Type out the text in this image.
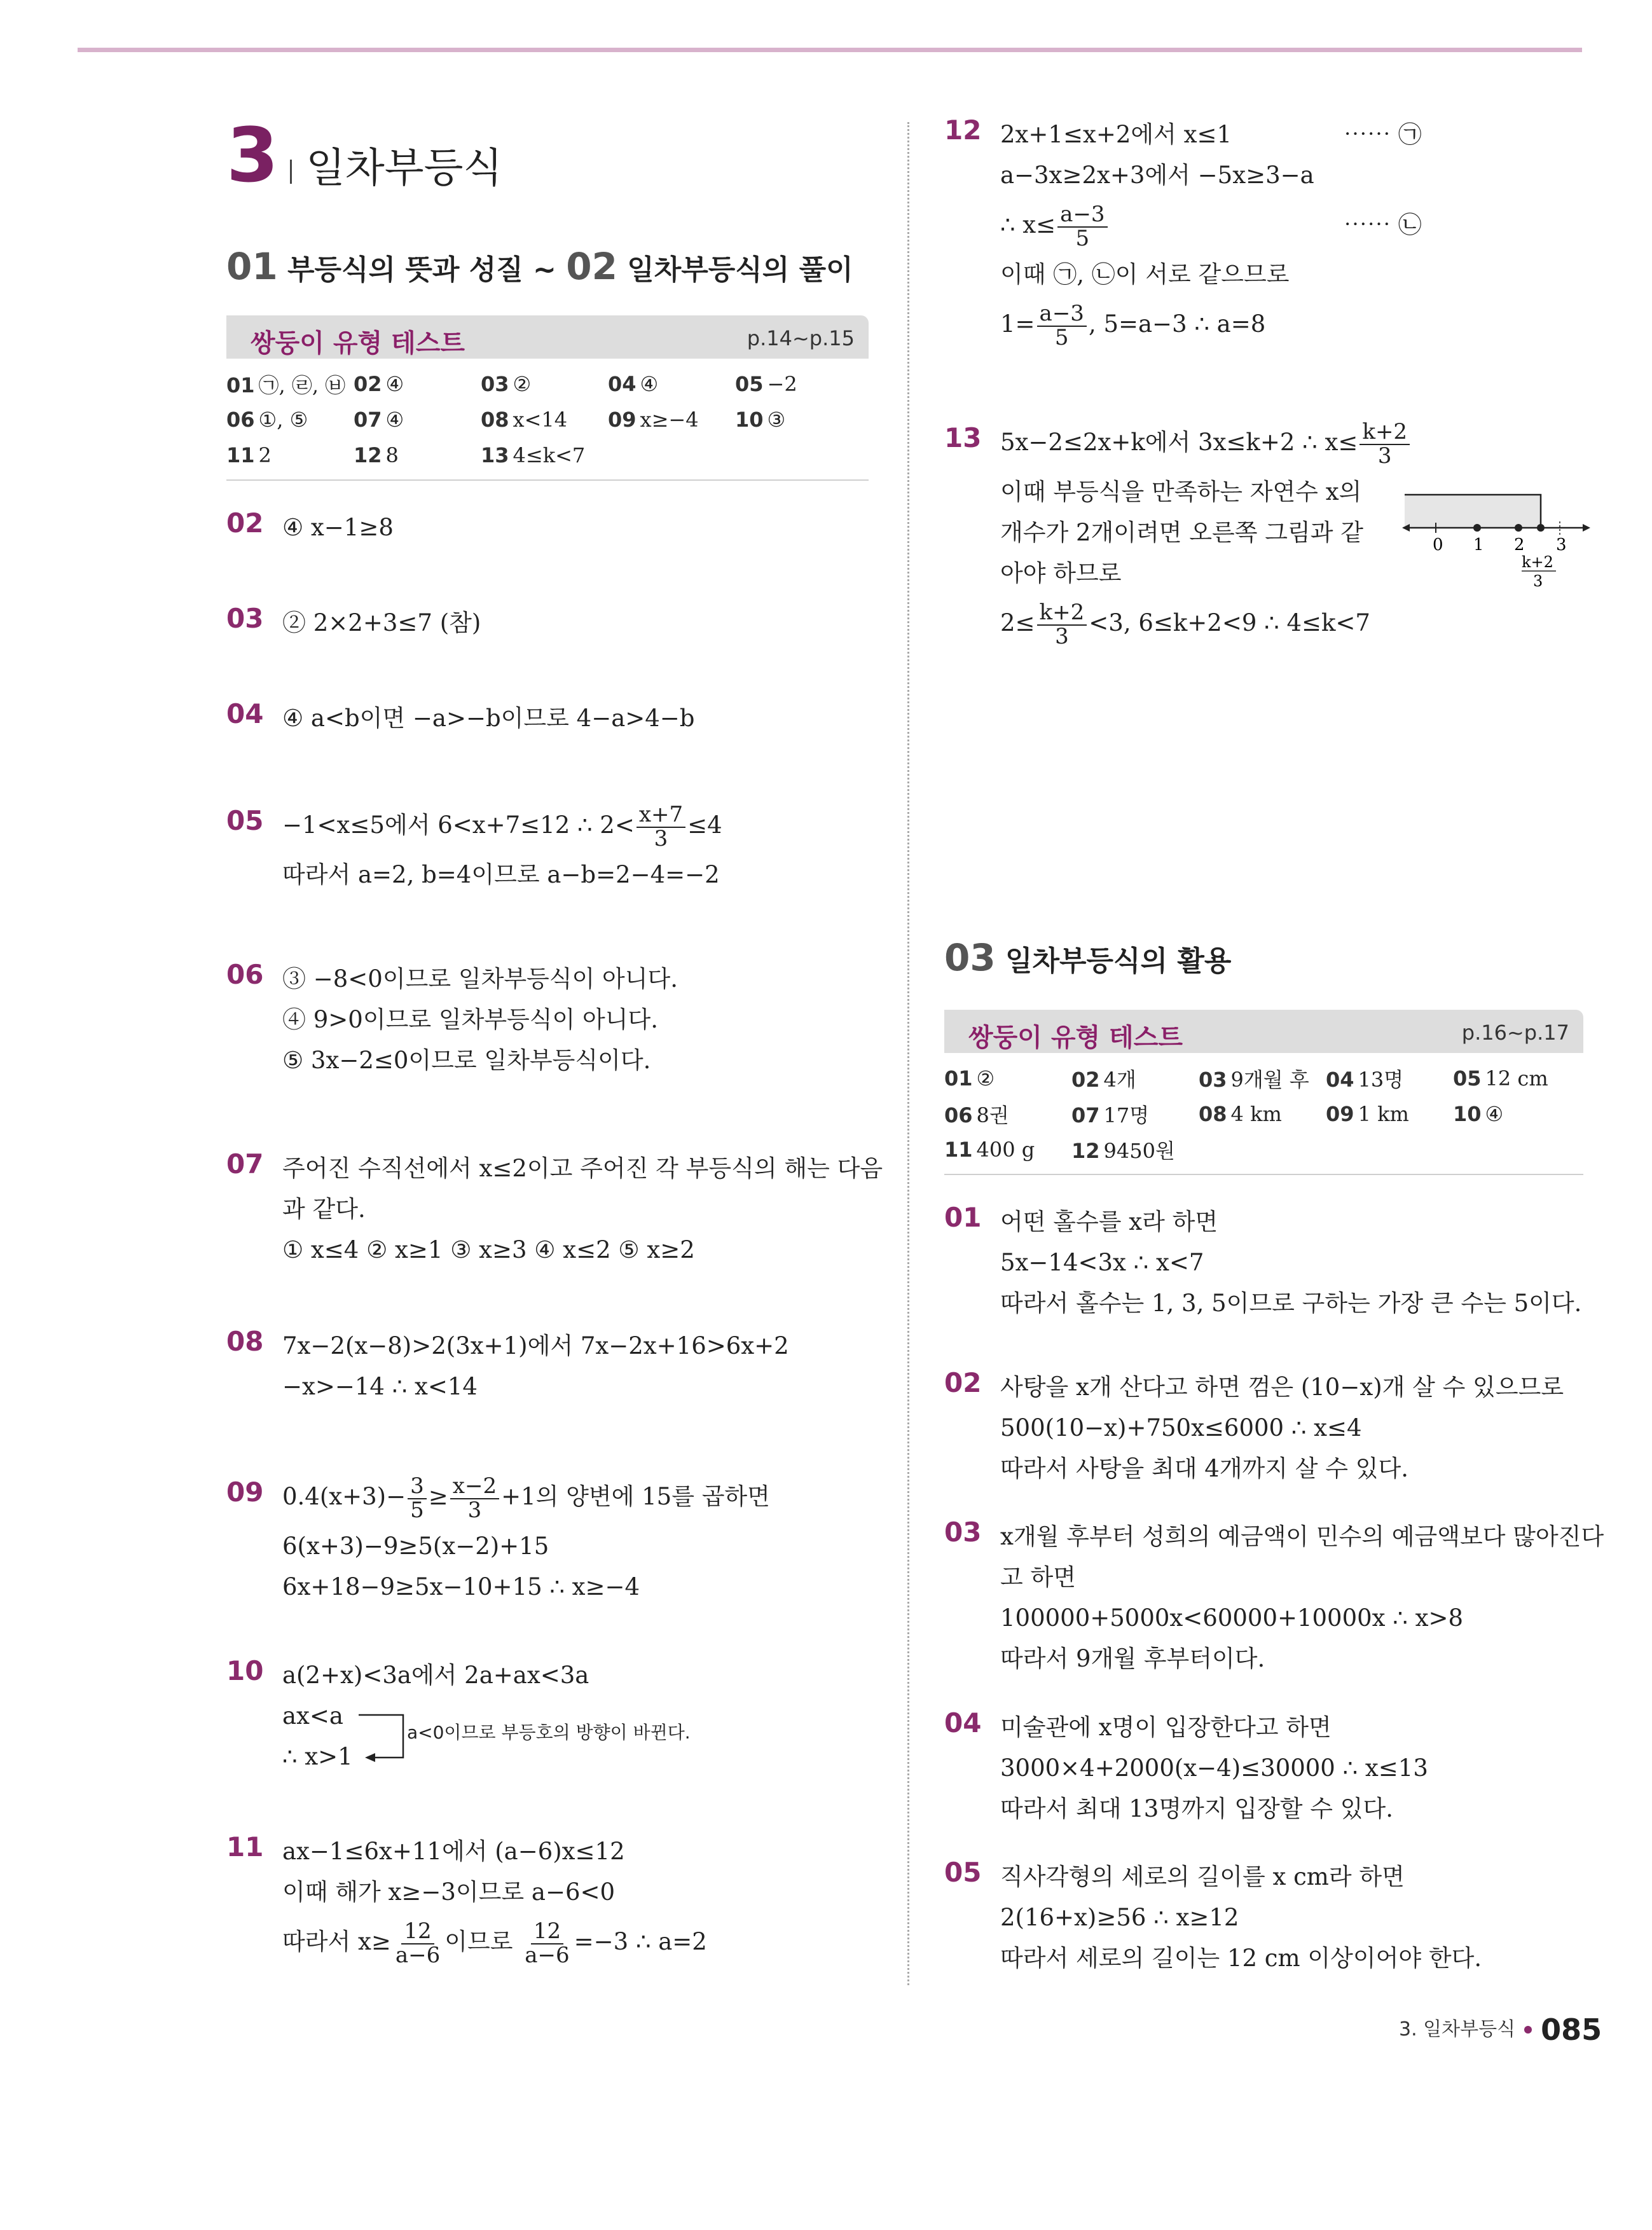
3 일차부등식
01 부등식의 뜻과 성질 ~ 02 일차부등식의 풀이
쌍둥이 유형 테스트	p.14~p.15
01 ㉠, ㉣, ㉥ 02 ④	03 ②	04 ④	05 −2
06 ①, ⑤	07 ④	08 x<14	09 x≥−4	10 ③
11 2	12 8	13 4≤k<7
02 ④ x−1≥8
03 ② 2×2+3≤7 (참)
04 ④ a<b이면 −a>−b이므로 4−a>4−b
05 −1<x≤5에서 6<x+7≤12 ∴ $2< \frac{x+7}{3} \le 4$
따라서 a=2, b=4이므로 a−b=2−4=−2
06 ③ −8<0이므로 일차부등식이 아니다.
④ 9>0이므로 일차부등식이 아니다.
⑤ 3x−2≤0이므로 일차부등식이다.
07 주어진 수직선에서 x≤2이고 주어진 각 부등식의 해는 다음
과 같다.
① x≤4 ② x≥1 ③ x≥3 ④ x≤2 ⑤ x≥2
08 7x−2(x−8)>2(3x+1)에서 7x−2x+16>6x+2
−x>−14 ∴ x<14
09 $0.4(x+3)- \frac{3}{5} \ge \frac{x-2}{3} +1$의 양변에 15를 곱하면
6(x+3)−9≥5(x−2)+15
6x+18−9≥5x−10+15 ∴ x≥−4
10 a(2+x)<3a에서 2a+ax<3a
ax<a
∴ x>1
a<0이므로 부등호의 방향이 바뀐다.
11 ax−1≤6x+11에서 (a−6)x≤12
이때 해가 x≥−3이므로 a−6<0
따라서 $x\ge \frac{12}{a-6}$ 이므로 $\frac{12}{a-6} =-3$ ∴ a=2
12 2x+1≤x+2에서 x≤1	⋯⋯ ㉠
a−3x≥2x+3에서 −5x≥3−a
∴ $x\le \frac{a-3}{5}$	⋯⋯ ㉡
이때 ㉠, ㉡이 서로 같으므로
$1= \frac{a-3}{5}$ , 5=a−3 ∴ a=8
13 5x−2≤2x+k에서 3x≤k+2 ∴ $x\le \frac{k+2}{3}$
이때 부등식을 만족하는 자연수 x의
개수가 2개이려면 오른쪽 그림과 같
아야 하므로
$2\le \frac{k+2}{3} <3$, 6≤k+2<9 ∴ 4≤k<7
0 1 2 3
k+2
3
03 일차부등식의 활용
쌍둥이 유형 테스트	p.16~p.17
01 ②	02 4개	03 9개월 후 04 13명	05 12 cm
06 8권	07 17명	08 4 km	09 1 km	10 ④
11 400 g	12 9450원
01 어떤 홀수를 x라 하면
5x−14<3x ∴ x<7
따라서 홀수는 1, 3, 5이므로 구하는 가장 큰 수는 5이다.
02 사탕을 x개 산다고 하면 껌은 (10−x)개 살 수 있으므로
500(10−x)+750x≤6000 ∴ x≤4
따라서 사탕을 최대 4개까지 살 수 있다.
03 x개월 후부터 성희의 예금액이 민수의 예금액보다 많아진다
고 하면
100000+5000x<60000+10000x ∴ x>8
따라서 9개월 후부터이다.
04 미술관에 x명이 입장한다고 하면
3000×4+2000(x−4)≤30000 ∴ x≤13
따라서 최대 13명까지 입장할 수 있다.
05 직사각형의 세로의 길이를 x cm라 하면
2(16+x)≥56 ∴ x≥12
따라서 세로의 길이는 12 cm 이상이어야 한다.
3. 일차부등식 085
